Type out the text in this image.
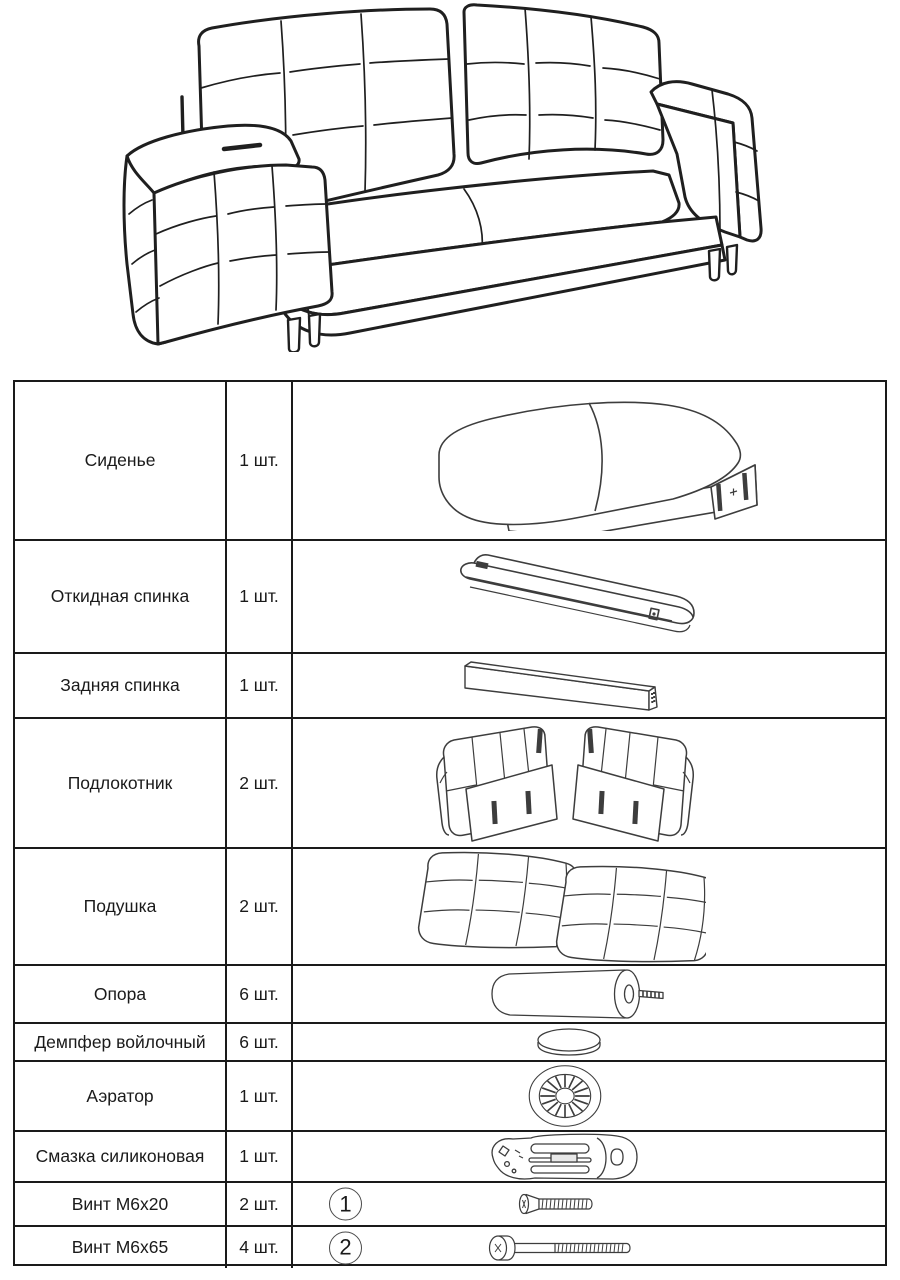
Сиденье	1 шт.
Откидная спинка	1 шт.
Задняя спинка	1 шт.
Подлокотник	2 шт.
Подушка	2 шт.
Опора	6 шт.
Демпфер войлочный	6 шт.
Аэратор	1 шт.
Смазка силиконовая	1 шт.
Винт М6х20	2 шт.	1
Винт М6х65	4 шт.	2
